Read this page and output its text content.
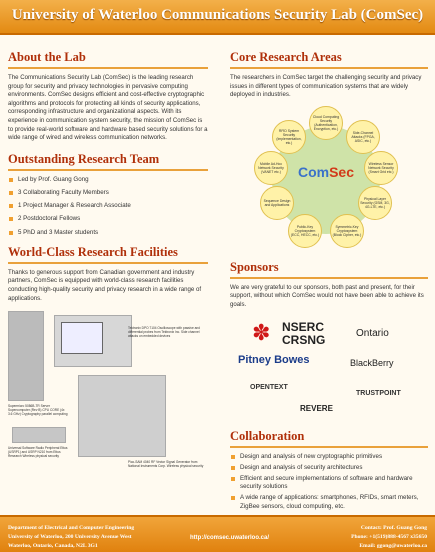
University of Waterloo Communications Security Lab (ComSec)
About the Lab

The Communications Security Lab (ComSec) is the leading research group for security and privacy technologies in pervasive computing environments. ComSec designs efficient and cost-effective cryptographic algorithms and protocols for protecting all kinds of security applications, corresponding infrastructure and organizational aspects. With its experience in communication system security, the mission of ComSec is to provide real-world software and hardware based security solutions for a wide range of wired and wireless communication networks.

Outstanding Research Team
Led by Prof. Guang Gong
3 Collaborating Faculty Members
1 Project Manager & Research Associate
2 Postdoctoral Fellows
5 PhD and 3 Master students
World-Class Research Facilities

Thanks to generous support from Canadian government and industry partners, ComSec is equipped with world-class research facilities conducting high-quality security and privacy research in a wide range of applications.

Tektronix DPO 7104 Oscilloscope with passive and differential probes from Tektronix Inc. Side channel attacks on embedded devices
Supermicro 5086B-TR Server Supercomputer (Rev B) CPU CORE (4x 3.6 GHz) Cryptography parallel computing
Universal Software Radio Peripheral Ettus (USRP1) and USRP N210 from Ettus Research Wireless physical security
Pico-SAM 4040 RF Vector Signal Generator from National Instruments Corp. Wireless physical security
Core Research Areas

The researchers in ComSec target the challenging security and privacy issues in different types of communication systems that are widely deployed in industries.

ComSec
Cloud Computing Security (Authentication, Encryption, etc.)
Side-Channel Attacks (FPGA, ASIC, etc.)
Wireless Sensor Network Security (Smart Grid etc.)
Physical Layer Security (GSM, 3G, 4G-LTE, etc.)
Symmetric-Key Cryptosystem (Block Cipher, etc.)
Public-Key Cryptosystem (ECC, HECC, etc.)
Sequence Design and Applications
Mobile Ad-Hoc Network Security (VANET etc.)
RFID System Security (Implementation, etc.)
Sponsors

We are very grateful to our sponsors, both past and present, for their support, without which ComSec would not have been able to achieve its goals.

✽ NSERC
CRSNG	Ontario
Pitney Bowes	BlackBerry
OPENTEXT
REVERE
TRUSTPOINT
Collaboration
Design and analysis of new cryptographic primitives
Design and analysis of security architectures
Efficient and secure implementations of software and hardware security solutions
A wide range of applications: smartphones, RFIDs, smart meters, ZigBee sensors, cloud computing, etc.
Department of Electrical and Computer Engineering
University of Waterloo, 200 University Avenue West
Waterloo, Ontario, Canada, N2L 3G1
http://comsec.uwaterloo.ca/
Contact: Prof. Guang Gong
Phone: +1(519)888-4567 x35650
Email: ggong@uwaterloo.ca
